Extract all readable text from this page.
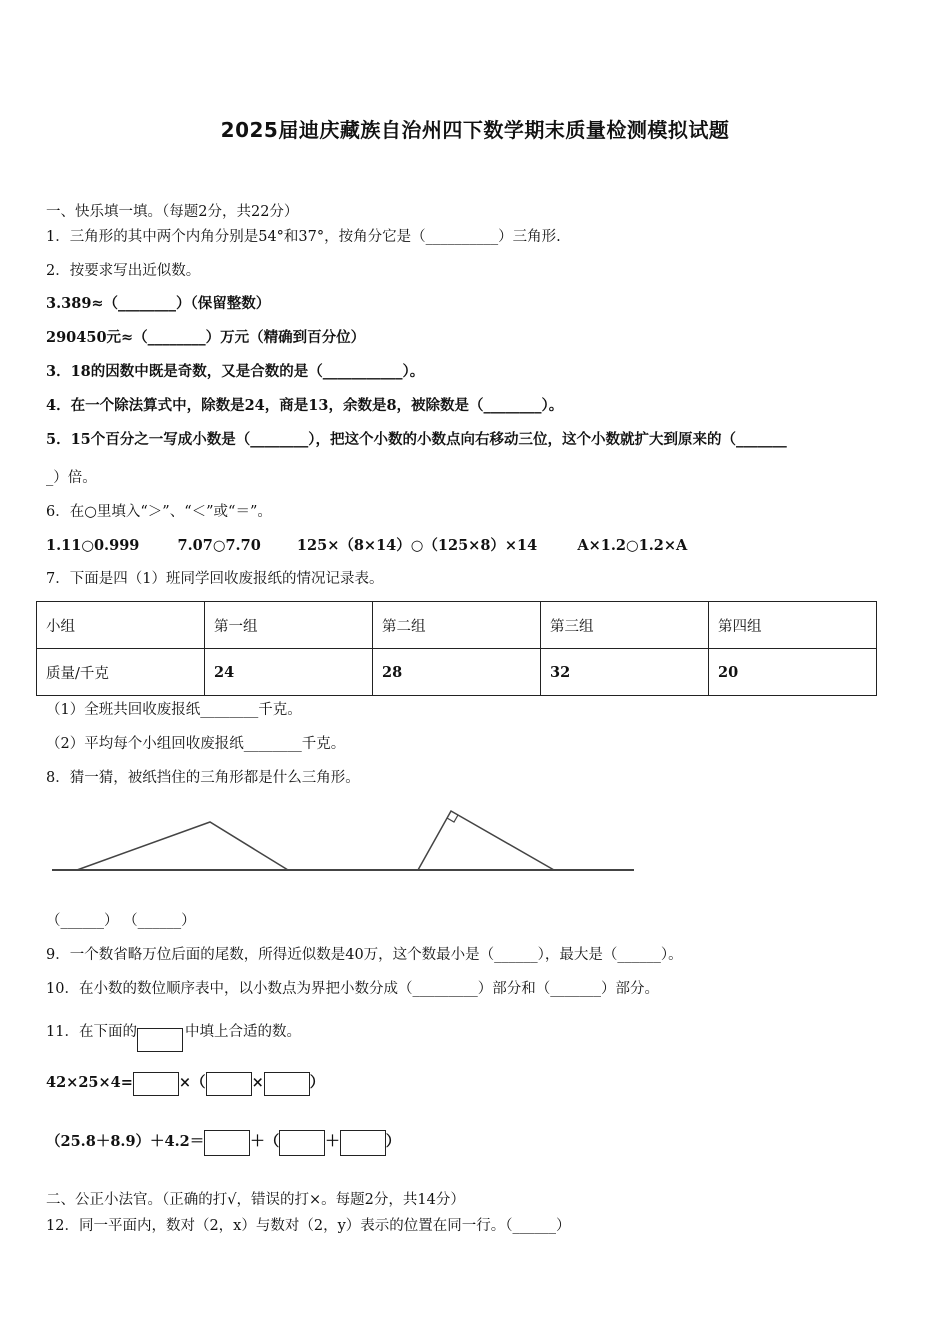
2025届迪庆藏族自治州四下数学期末质量检测模拟试题
一、快乐填一填。（每题2分，共22分）
1．三角形的其中两个内角分别是54°和37°，按角分它是（__________）三角形.
2．按要求写出近似数。
3.389≈（________）（保留整数）
290450元≈（________）万元（精确到百分位）
3．18的因数中既是奇数，又是合数的是（___________）。
4．在一个除法算式中，除数是24，商是13，余数是8，被除数是（________）。
5．15个百分之一写成小数是（________），把这个小数的小数点向右移动三位，这个小数就扩大到原来的（_______
_）倍。
6．在○里填入“＞”、“＜”或“＝”。
1.11○0.999	7.07○7.70 125×（8×14）○（125×8）×14	A×1.2○1.2×A
7．下面是四（1）班同学回收废报纸的情况记录表。
小组	第一组	第二组	第三组	第四组
质量/千克	24	28	32	20
（1）全班共回收废报纸________千克。
（2）平均每个小组回收废报纸________千克。
8．猜一猜，被纸挡住的三角形都是什么三角形。
（______） （______）
9．一个数省略万位后面的尾数，所得近似数是40万，这个数最小是（______），最大是（______）。
10．在小数的数位顺序表中，以小数点为界把小数分成（_________）部分和（_______）部分。
11．在下面的	中填上合适的数。
42×25×4=	×（	×	）
（25.8＋8.9）＋4.2＝	＋（	＋	）
二、公正小法官。（正确的打√，错误的打×。每题2分，共14分）
12．同一平面内，数对（2，x）与数对（2，y）表示的位置在同一行。（______）
